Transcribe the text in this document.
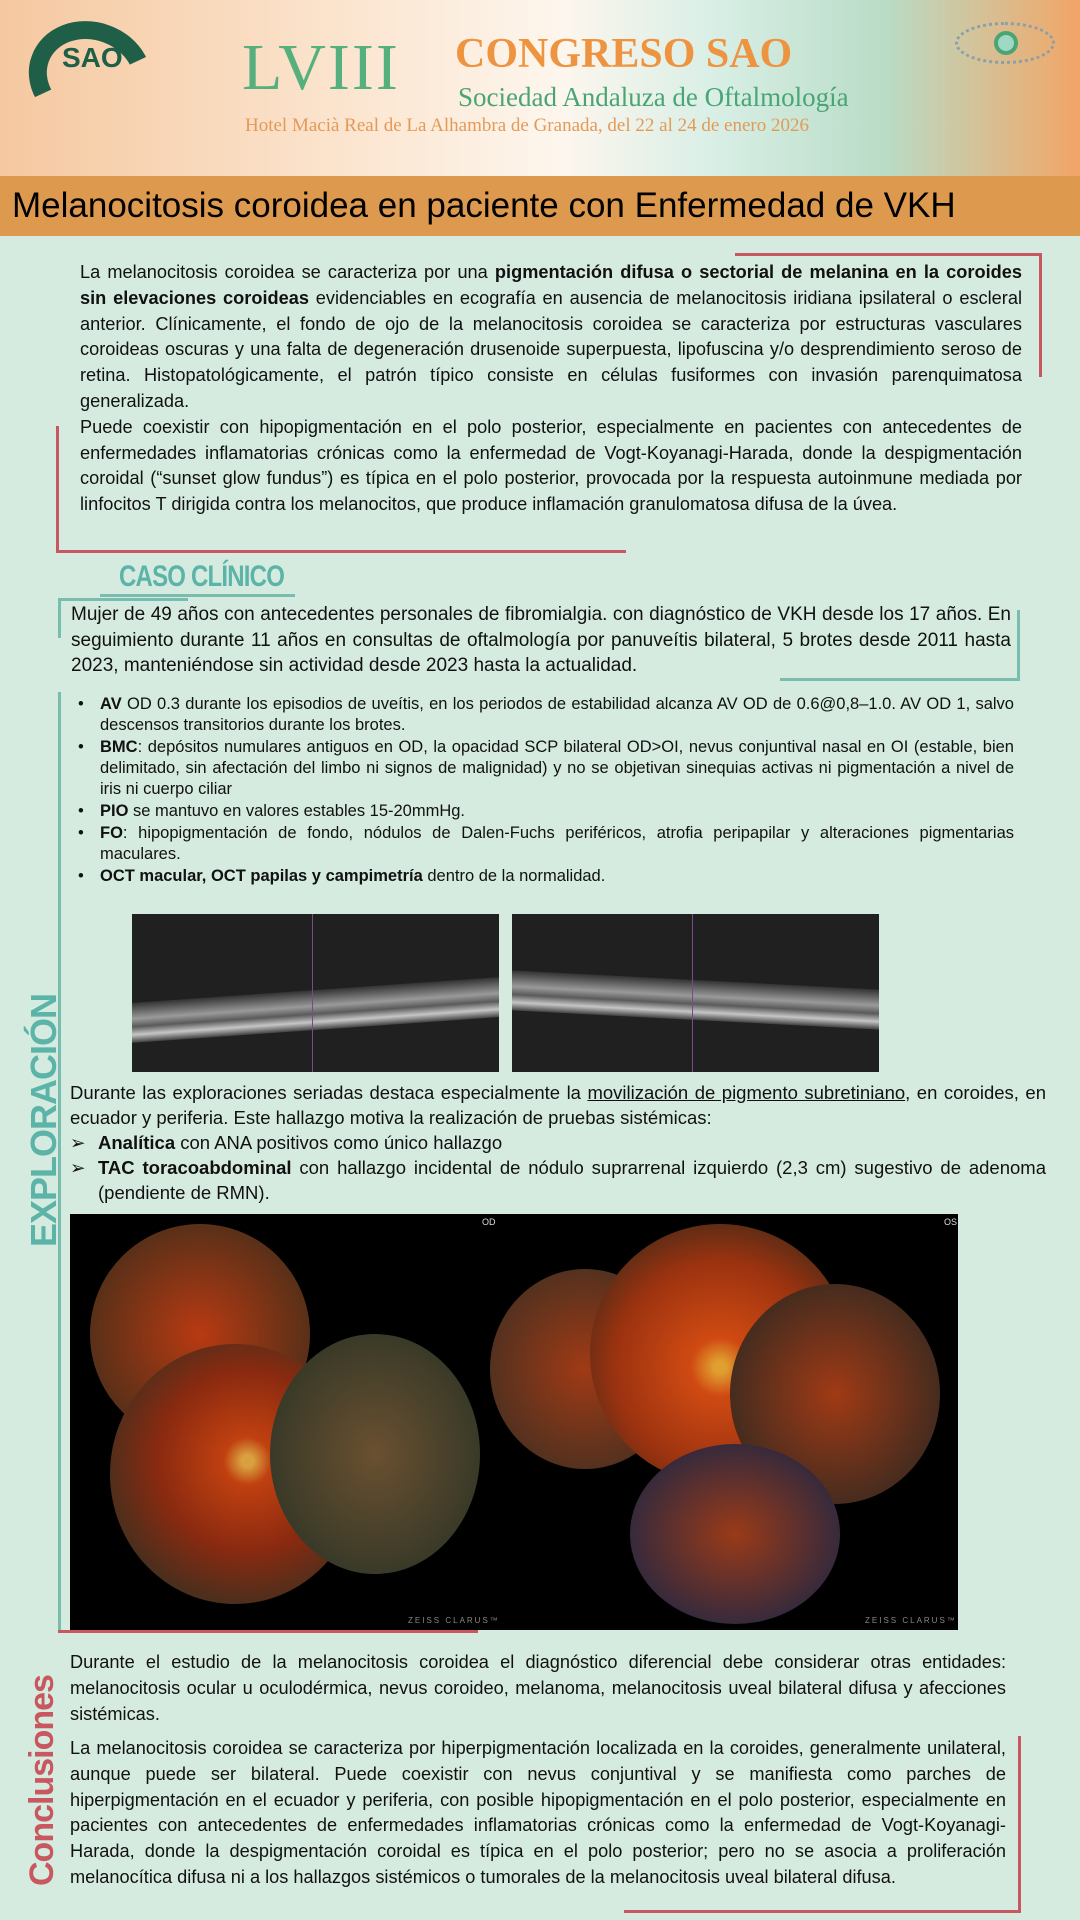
SAO LVIII CONGRESO SAO
Sociedad Andaluza de Oftalmología
Hotel Macià Real de La Alhambra de Granada, del 22 al 24 de enero 2026
Melanocitosis coroidea en paciente con Enfermedad de VKH

La melanocitosis coroidea se caracteriza por una pigmentación difusa o sectorial de melanina en la coroides sin elevaciones coroideas evidenciables en ecografía en ausencia de melanocitosis iridiana ipsilateral o escleral anterior. Clínicamente, el fondo de ojo de la melanocitosis coroidea se caracteriza por estructuras vasculares coroideas oscuras y una falta de degeneración drusenoide superpuesta, lipofuscina y/o desprendimiento seroso de retina. Histopatológicamente, el patrón típico consiste en células fusiformes con invasión parenquimatosa generalizada.

Puede coexistir con hipopigmentación en el polo posterior, especialmente en pacientes con antecedentes de enfermedades inflamatorias crónicas como la enfermedad de Vogt-Koyanagi-Harada, donde la despigmentación coroidal (“sunset glow fundus”) es típica en el polo posterior, provocada por la respuesta autoinmune mediada por linfocitos T dirigida contra los melanocitos, que produce inflamación granulomatosa difusa de la úvea.

CASO CLÍNICO

Mujer de 49 años con antecedentes personales de fibromialgia. con diagnóstico de VKH desde los 17 años. En seguimiento durante 11 años en consultas de oftalmología por panuveítis bilateral, 5 brotes desde 2011 hasta 2023, manteniéndose sin actividad desde 2023 hasta la actualidad.

• AV OD 0.3 durante los episodios de uveítis, en los periodos de estabilidad alcanza AV OD de 0.6@0,8–1.0. AV OD 1, salvo descensos transitorios durante los brotes.
• BMC: depósitos numulares antiguos en OD, la opacidad SCP bilateral OD>OI, nevus conjuntival nasal en OI (estable, bien delimitado, sin afectación del limbo ni signos de malignidad) y no se objetivan sinequias activas ni pigmentación a nivel de iris ni cuerpo ciliar
• PIO se mantuvo en valores estables 15-20mmHg.
• FO: hipopigmentación de fondo, nódulos de Dalen-Fuchs periféricos, atrofia peripapilar y alteraciones pigmentarias maculares.
• OCT macular, OCT papilas y campimetría dentro de la normalidad.
EXPLORACIÓN Durante las exploraciones seriadas destaca especialmente la movilización de pigmento subretiniano, en coroides, en ecuador y periferia. Este hallazgo motiva la realización de pruebas sistémicas:

➢ Analítica con ANA positivos como único hallazgo
➢ TAC toracoabdominal con hallazgo incidental de nódulo suprarrenal izquierdo (2,3 cm) sugestivo de adenoma (pendiente de RMN).
OD	OS
ZEISS CLARUS™	ZEISS CLARUS™
Conclusiones

Durante el estudio de la melanocitosis coroidea el diagnóstico diferencial debe considerar otras entidades: melanocitosis ocular u oculodérmica, nevus coroideo, melanoma, melanocitosis uveal bilateral difusa y afecciones sistémicas.

La melanocitosis coroidea se caracteriza por hiperpigmentación localizada en la coroides, generalmente unilateral, aunque puede ser bilateral. Puede coexistir con nevus conjuntival y se manifiesta como parches de hiperpigmentación en el ecuador y periferia, con posible hipopigmentación en el polo posterior, especialmente en pacientes con antecedentes de enfermedades inflamatorias crónicas como la enfermedad de Vogt-Koyanagi-Harada, donde la despigmentación coroidal es típica en el polo posterior; pero no se asocia a proliferación melanocítica difusa ni a los hallazgos sistémicos o tumorales de la melanocitosis uveal bilateral difusa.
